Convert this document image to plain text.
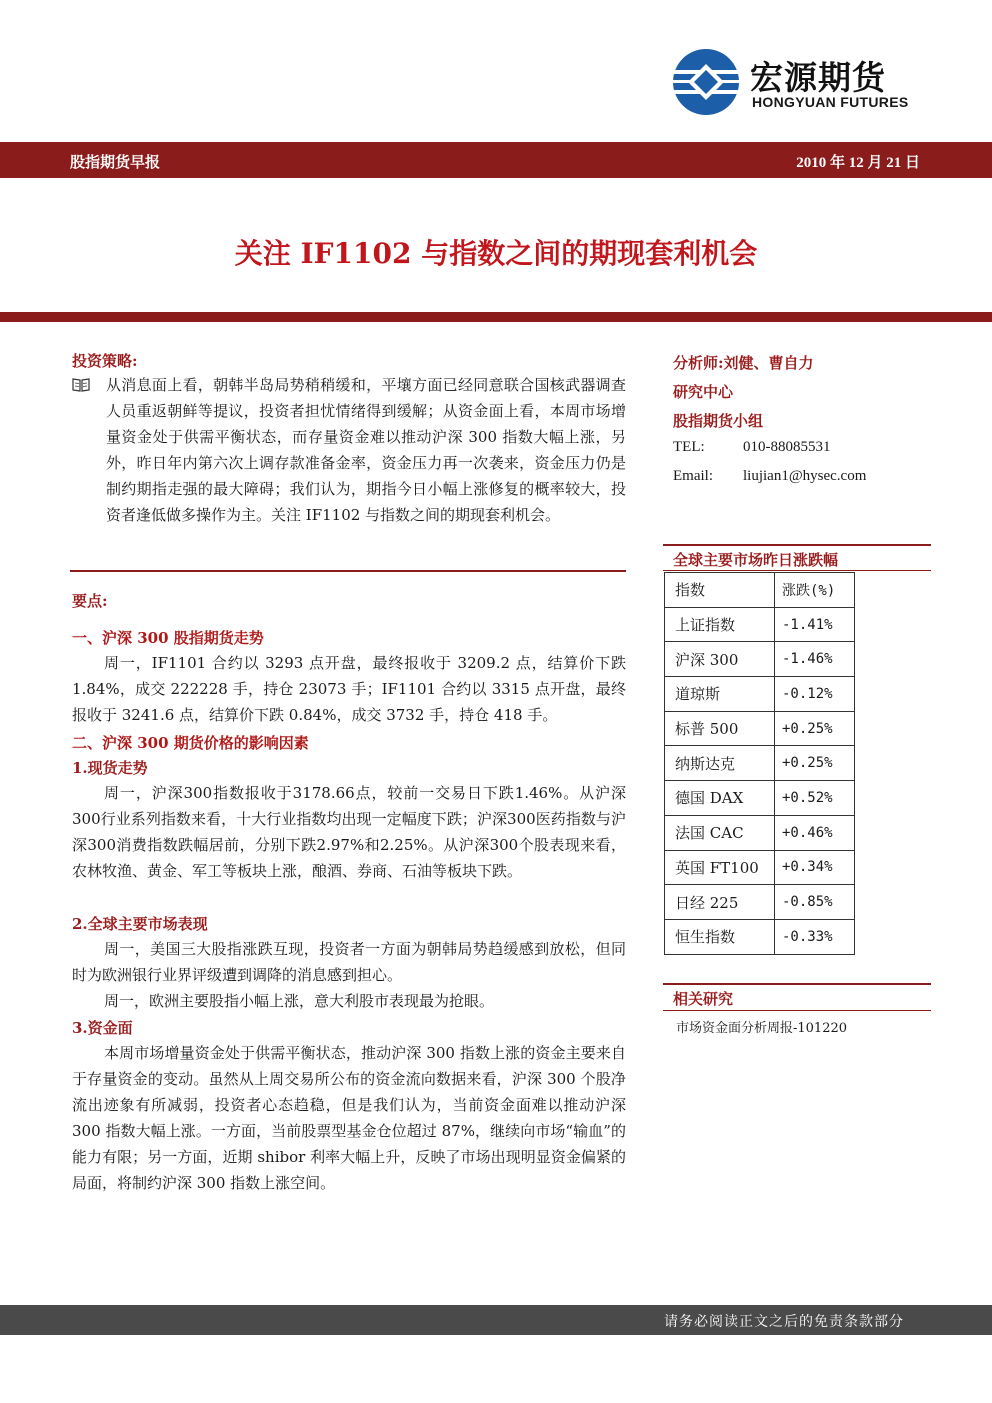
宏源期货
HONGYUAN FUTURES
股指期货早报	2010 年 12 月 21 日
关注 IF1102 与指数之间的期现套利机会
投资策略:
从消息面上看，朝韩半岛局势稍稍缓和，平壤方面已经同意联合国核武器调查人员重返朝鲜等提议，投资者担忧情绪得到缓解；从资金面上看，本周市场增量资金处于供需平衡状态，而存量资金难以推动沪深 300 指数大幅上涨，另外，昨日年内第六次上调存款准备金率，资金压力再一次袭来，资金压力仍是制约期指走强的最大障碍；我们认为，期指今日小幅上涨修复的概率较大，投资者逢低做多操作为主。关注 IF1102 与指数之间的期现套利机会。
要点:
一、沪深 300 股指期货走势
周一，IF1101 合约以 3293 点开盘，最终报收于 3209.2 点，结算价下跌 1.84%，成交 222228 手，持仓 23073 手；IF1101 合约以 3315 点开盘，最终报收于 3241.6 点，结算价下跌 0.84%，成交 3732 手，持仓 418 手。
二、沪深 300 期货价格的影响因素
1.现货走势
周一，沪深300指数报收于3178.66点，较前一交易日下跌1.46%。从沪深300行业系列指数来看，十大行业指数均出现一定幅度下跌；沪深300医药指数与沪深300消费指数跌幅居前，分别下跌2.97%和2.25%。从沪深300个股表现来看，农林牧渔、黄金、军工等板块上涨，酿酒、券商、石油等板块下跌。
2.全球主要市场表现
周一，美国三大股指涨跌互现，投资者一方面为朝韩局势趋缓感到放松，但同时为欧洲银行业界评级遭到调降的消息感到担心。
周一，欧洲主要股指小幅上涨，意大利股市表现最为抢眼。
3.资金面
本周市场增量资金处于供需平衡状态，推动沪深 300 指数上涨的资金主要来自于存量资金的变动。虽然从上周交易所公布的资金流向数据来看，沪深 300 个股净流出迹象有所减弱，投资者心态趋稳，但是我们认为，当前资金面难以推动沪深 300 指数大幅上涨。一方面，当前股票型基金仓位超过 87%，继续向市场“输血”的能力有限；另一方面，近期 shibor 利率大幅上升，反映了市场出现明显资金偏紧的局面，将制约沪深 300 指数上涨空间。
分析师:刘健、曹自力
研究中心
股指期货小组
TEL:	010-88085531
Email: liujian1@hysec.com
全球主要市场昨日涨跌幅
指数	涨跌(%)
上证指数	-1.41%
沪深 300	-1.46%
道琼斯	-0.12%
标普 500	+0.25%
纳斯达克	+0.25%
德国 DAX	+0.52%
法国 CAC	+0.46%
英国 FT100	+0.34%
日经 225	-0.85%
恒生指数	-0.33%
相关研究
市场资金面分析周报-101220
请务必阅读正文之后的免责条款部分
